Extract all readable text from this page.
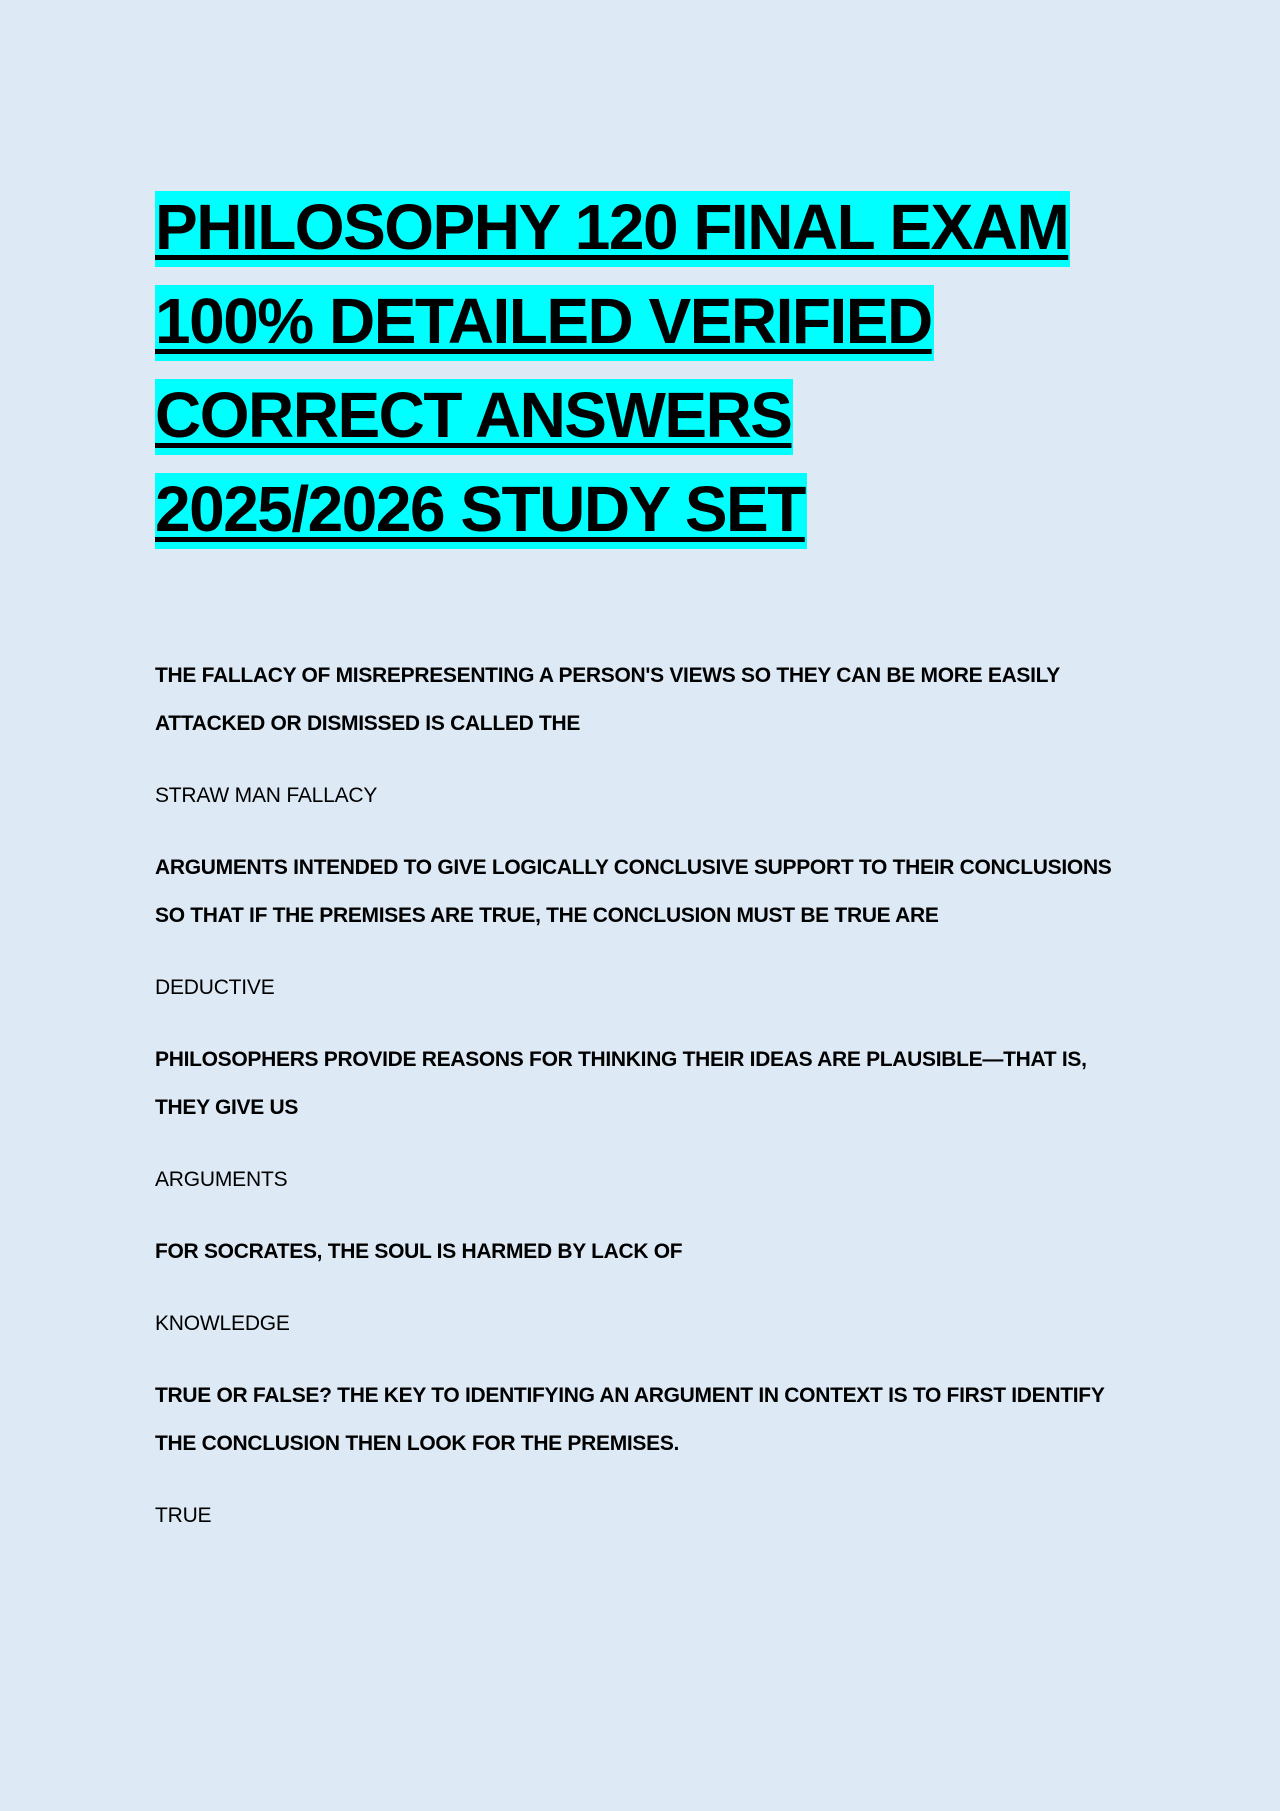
PHILOSOPHY 120 FINAL EXAM
100% DETAILED VERIFIED
CORRECT ANSWERS
2025/2026 STUDY SET

THE FALLACY OF MISREPRESENTING A PERSON'S VIEWS SO THEY CAN BE MORE EASILY ATTACKED OR DISMISSED IS CALLED THE

STRAW MAN FALLACY

ARGUMENTS INTENDED TO GIVE LOGICALLY CONCLUSIVE SUPPORT TO THEIR CONCLUSIONS SO THAT IF THE PREMISES ARE TRUE, THE CONCLUSION MUST BE TRUE ARE

DEDUCTIVE

PHILOSOPHERS PROVIDE REASONS FOR THINKING THEIR IDEAS ARE PLAUSIBLE—THAT IS, THEY GIVE US

ARGUMENTS

FOR SOCRATES, THE SOUL IS HARMED BY LACK OF

KNOWLEDGE

TRUE OR FALSE? THE KEY TO IDENTIFYING AN ARGUMENT IN CONTEXT IS TO FIRST IDENTIFY THE CONCLUSION THEN LOOK FOR THE PREMISES.

TRUE
